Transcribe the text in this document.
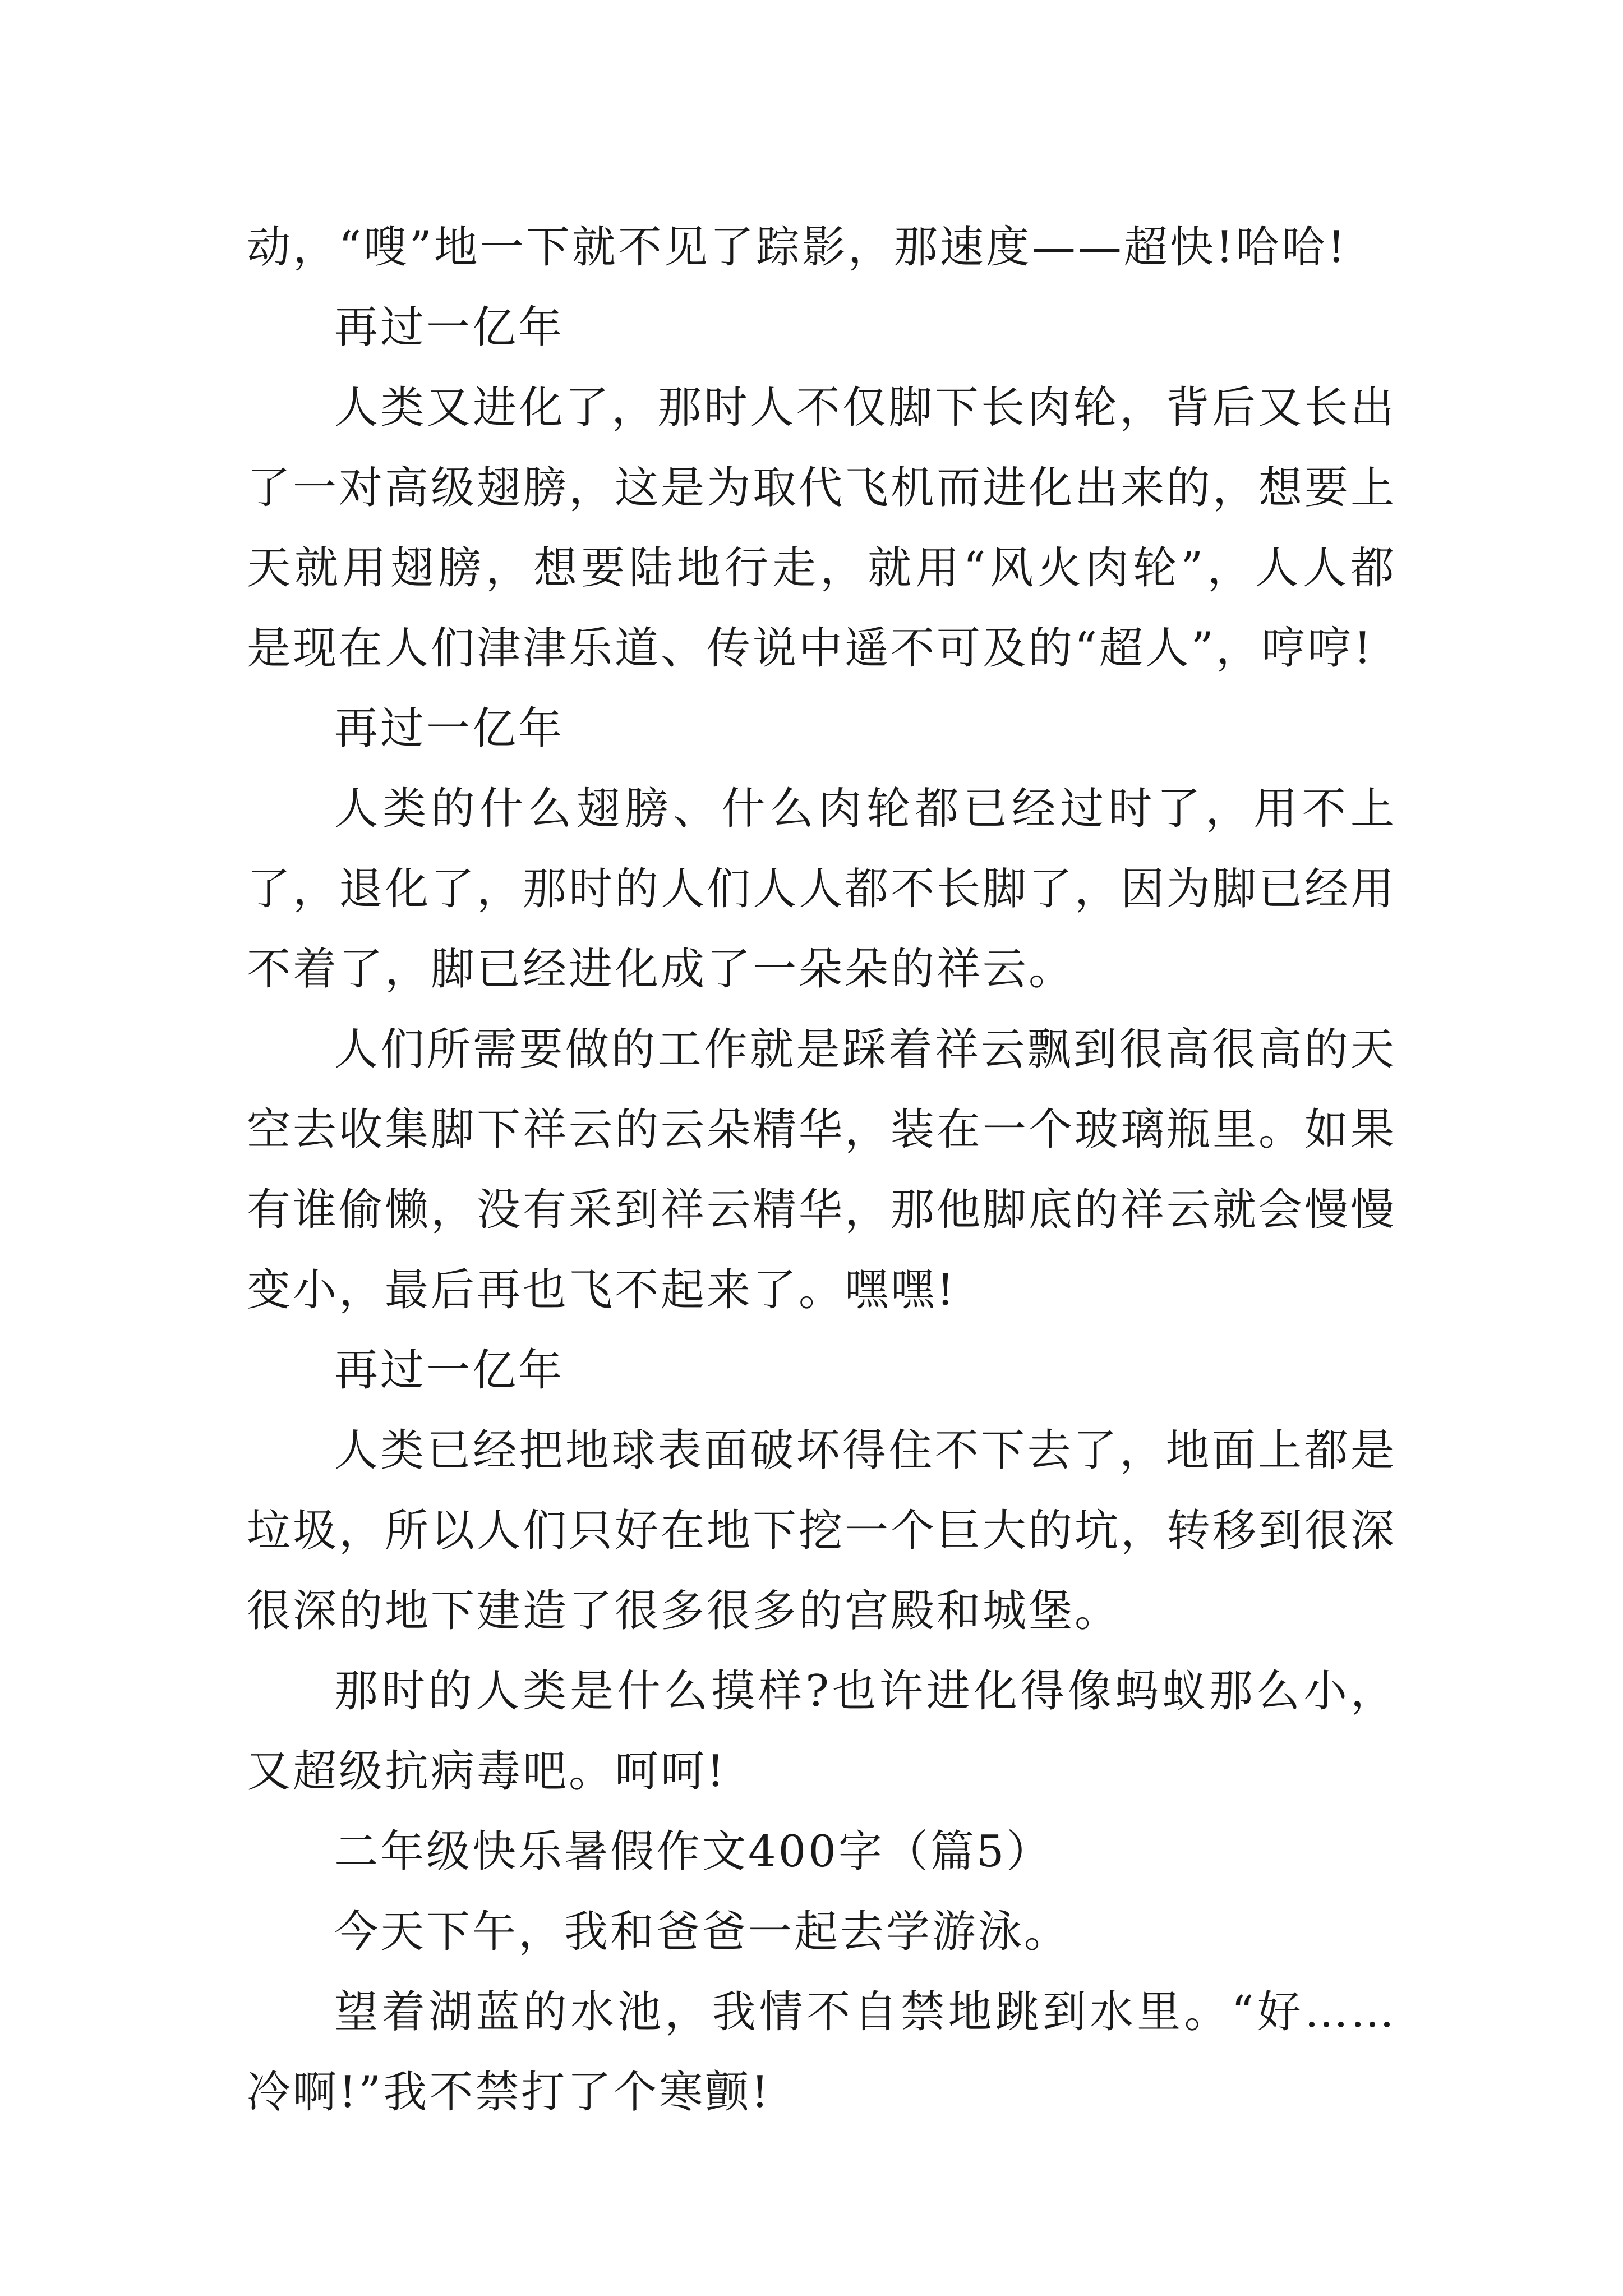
动，“嗖”地一下就不见了踪影，那速度——超快!哈哈!

再过一亿年

人类又进化了，那时人不仅脚下长肉轮，背后又长出了一对高级翅膀，这是为取代飞机而进化出来的，想要上天就用翅膀，想要陆地行走，就用“风火肉轮”，人人都是现在人们津津乐道、传说中遥不可及的“超人”，哼哼!

再过一亿年

人类的什么翅膀、什么肉轮都已经过时了，用不上了，退化了，那时的人们人人都不长脚了，因为脚已经用不着了，脚已经进化成了一朵朵的祥云。

人们所需要做的工作就是踩着祥云飘到很高很高的天空去收集脚下祥云的云朵精华，装在一个玻璃瓶里。如果有谁偷懒，没有采到祥云精华，那他脚底的祥云就会慢慢变小，最后再也飞不起来了。嘿嘿!

再过一亿年

人类已经把地球表面破坏得住不下去了，地面上都是垃圾，所以人们只好在地下挖一个巨大的坑，转移到很深很深的地下建造了很多很多的宫殿和城堡。

那时的人类是什么摸样?也许进化得像蚂蚁那么小，又超级抗病毒吧。呵呵!

二年级快乐暑假作文400字（篇5）

今天下午，我和爸爸一起去学游泳。

望着湖蓝的水池，我情不自禁地跳到水里。“好……冷啊!”我不禁打了个寒颤!
